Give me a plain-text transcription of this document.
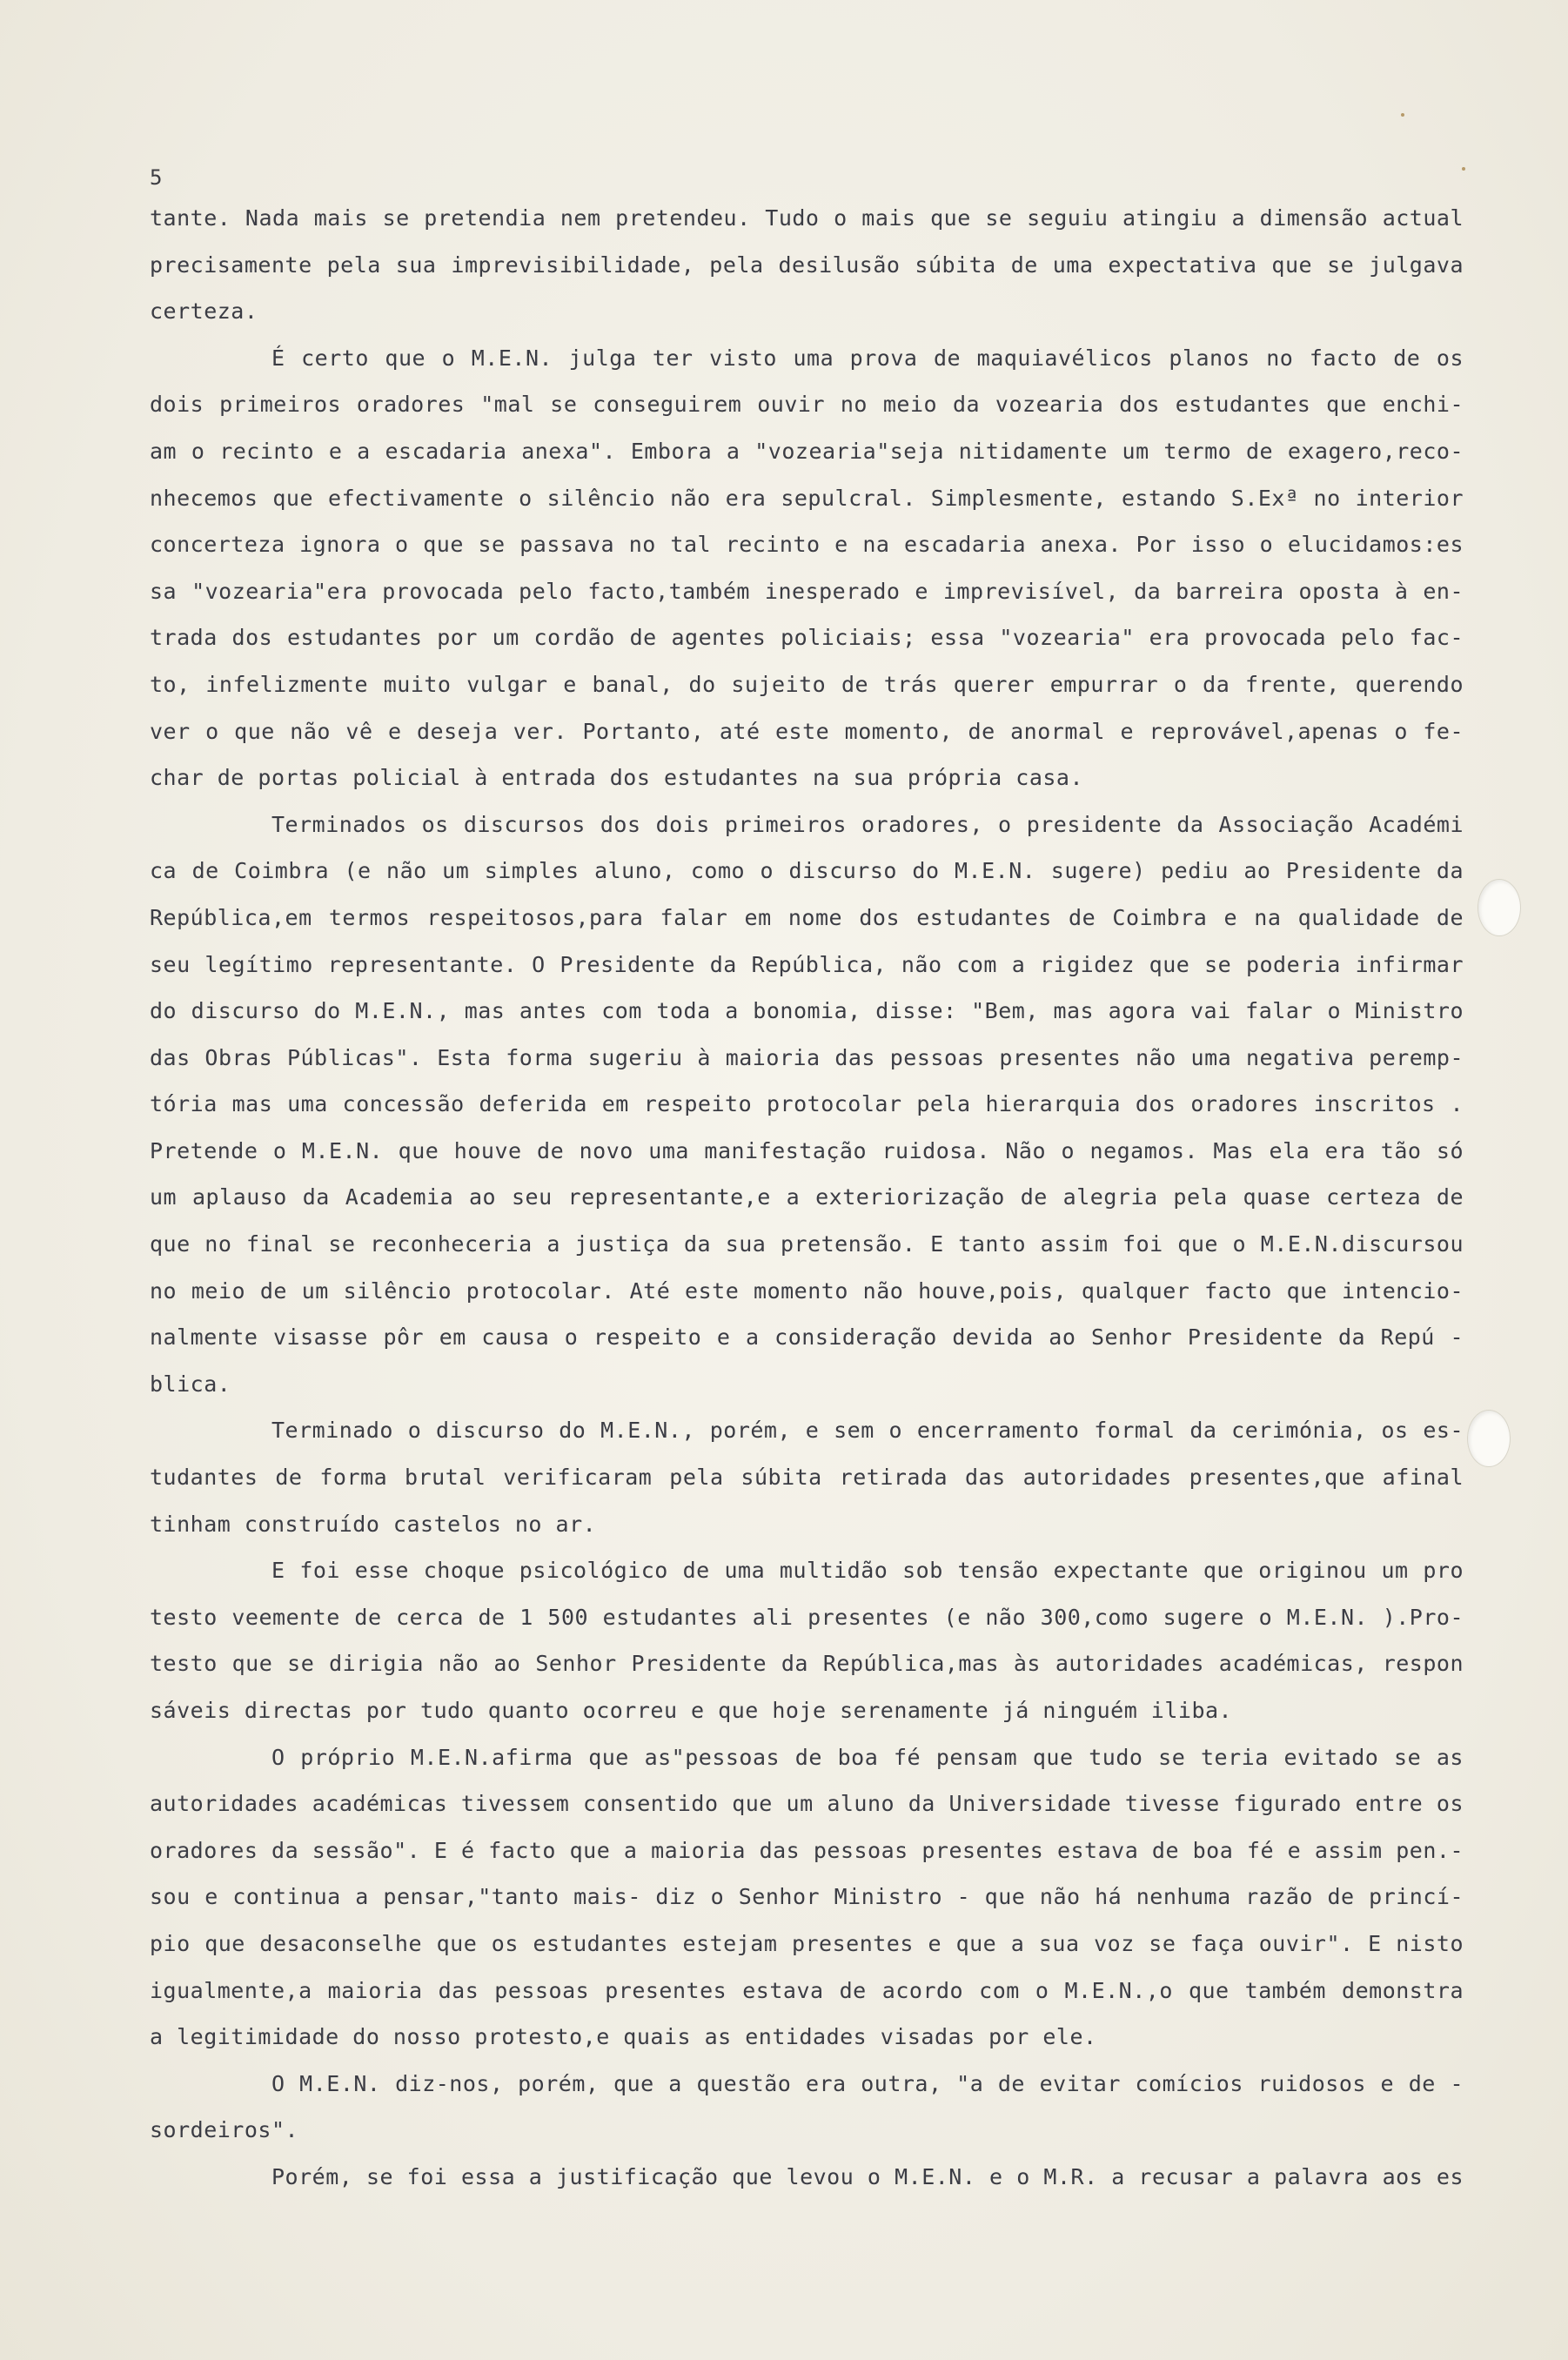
5
tante. Nada mais se pretendia nem pretendeu. Tudo o mais que se seguiu atingiu a dimensão actual
precisamente pela sua imprevisibilidade, pela desilusão súbita de uma expectativa que se julgava
certeza.
É certo que o M.E.N. julga ter visto uma prova de maquiavélicos planos no facto de os
dois primeiros oradores "mal se conseguirem ouvir no meio da vozearia dos estudantes que enchi-
am o recinto e a escadaria anexa". Embora a "vozearia"seja nitidamente um termo de exagero,reco-
nhecemos que efectivamente o silêncio não era sepulcral. Simplesmente, estando S.Exª no interior
concerteza ignora o que se passava no tal recinto e na escadaria anexa. Por isso o elucidamos:es
sa "vozearia"era provocada pelo facto,também inesperado e imprevisível, da barreira oposta à en-
trada dos estudantes por um cordão de agentes policiais; essa "vozearia" era provocada pelo fac-
to, infelizmente muito vulgar e banal, do sujeito de trás querer empurrar o da frente, querendo
ver o que não vê e deseja ver. Portanto, até este momento, de anormal e reprovável,apenas o fe-
char de portas policial à entrada dos estudantes na sua própria casa.
Terminados os discursos dos dois primeiros oradores, o presidente da Associação Académi
ca de Coimbra (e não um simples aluno, como o discurso do M.E.N. sugere) pediu ao Presidente da
República,em termos respeitosos,para falar em nome dos estudantes de Coimbra e na qualidade de
seu legítimo representante. O Presidente da República, não com a rigidez que se poderia infirmar
do discurso do M.E.N., mas antes com toda a bonomia, disse: "Bem, mas agora vai falar o Ministro
das Obras Públicas". Esta forma sugeriu à maioria das pessoas presentes não uma negativa peremp-
tória mas uma concessão deferida em respeito protocolar pela hierarquia dos oradores inscritos .
Pretende o M.E.N. que houve de novo uma manifestação ruidosa. Não o negamos. Mas ela era tão só
um aplauso da Academia ao seu representante,e a exteriorização de alegria pela quase certeza de
que no final se reconheceria a justiça da sua pretensão. E tanto assim foi que o M.E.N.discursou
no meio de um silêncio protocolar. Até este momento não houve,pois, qualquer facto que intencio-
nalmente visasse pôr em causa o respeito e a consideração devida ao Senhor Presidente da Repú -
blica.
Terminado o discurso do M.E.N., porém, e sem o encerramento formal da cerimónia, os es-
tudantes de forma brutal verificaram pela súbita retirada das autoridades presentes,que afinal
tinham construído castelos no ar.
E foi esse choque psicológico de uma multidão sob tensão expectante que originou um pro
testo veemente de cerca de 1 500 estudantes ali presentes (e não 300,como sugere o M.E.N. ).Pro-
testo que se dirigia não ao Senhor Presidente da República,mas às autoridades académicas, respon
sáveis directas por tudo quanto ocorreu e que hoje serenamente já ninguém iliba.
O próprio M.E.N.afirma que as"pessoas de boa fé pensam que tudo se teria evitado se as
autoridades académicas tivessem consentido que um aluno da Universidade tivesse figurado entre os
oradores da sessão". E é facto que a maioria das pessoas presentes estava de boa fé e assim pen.-
sou e continua a pensar,"tanto mais- diz o Senhor Ministro - que não há nenhuma razão de princí-
pio que desaconselhe que os estudantes estejam presentes e que a sua voz se faça ouvir". E nisto
igualmente,a maioria das pessoas presentes estava de acordo com o M.E.N.,o que também demonstra
a legitimidade do nosso protesto,e quais as entidades visadas por ele.
O M.E.N. diz-nos, porém, que a questão era outra, "a de evitar comícios ruidosos e de -
sordeiros".
Porém, se foi essa a justificação que levou o M.E.N. e o M.R. a recusar a palavra aos es
